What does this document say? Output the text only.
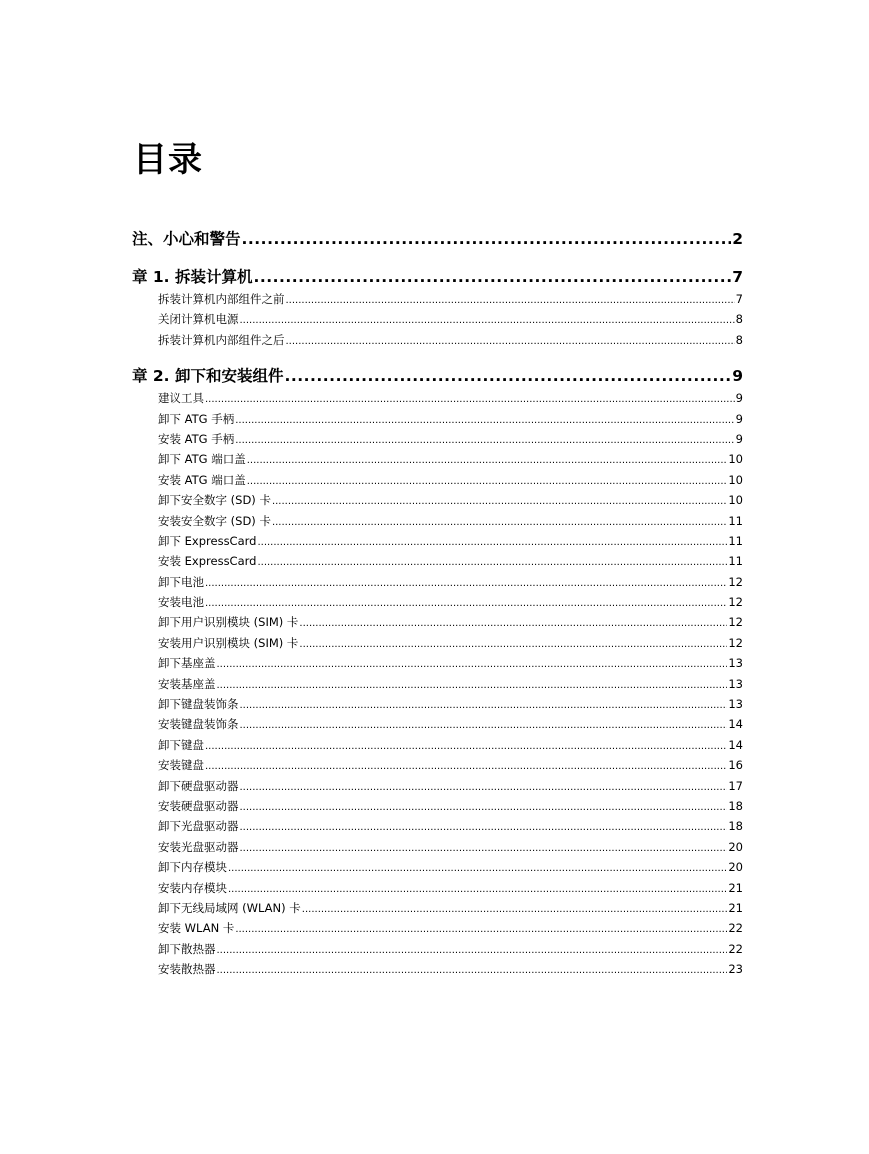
目录
注、小心和警告 .....	2
章 1. 拆装计算机 .....	7
拆装计算机内部组件之前 .....	7
关闭计算机电源 .....	8
拆装计算机内部组件之后 .....	8
章 2. 卸下和安装组件 .....	9
建议工具 .....	9
卸下 ATG 手柄 .....	9
安装 ATG 手柄 .....	9
卸下 ATG 端口盖 .....	10
安装 ATG 端口盖 .....	10
卸下安全数字 (SD) 卡 .....	10
安装安全数字 (SD) 卡 .....	11
卸下 ExpressCard .....	11
安装 ExpressCard .....	11
卸下电池 .....	12
安装电池 .....	12
卸下用户识别模块 (SIM) 卡 .....	12
安装用户识别模块 (SIM) 卡 .....	12
卸下基座盖 .....	13
安装基座盖 .....	13
卸下键盘装饰条 .....	13
安装键盘装饰条 .....	14
卸下键盘 .....	14
安装键盘 .....	16
卸下硬盘驱动器 .....	17
安装硬盘驱动器 .....	18
卸下光盘驱动器 .....	18
安装光盘驱动器 .....	20
卸下内存模块 .....	20
安装内存模块 .....	21
卸下无线局域网 (WLAN) 卡 .....	21
安装 WLAN 卡 .....	22
卸下散热器 .....	22
安装散热器 .....	23
